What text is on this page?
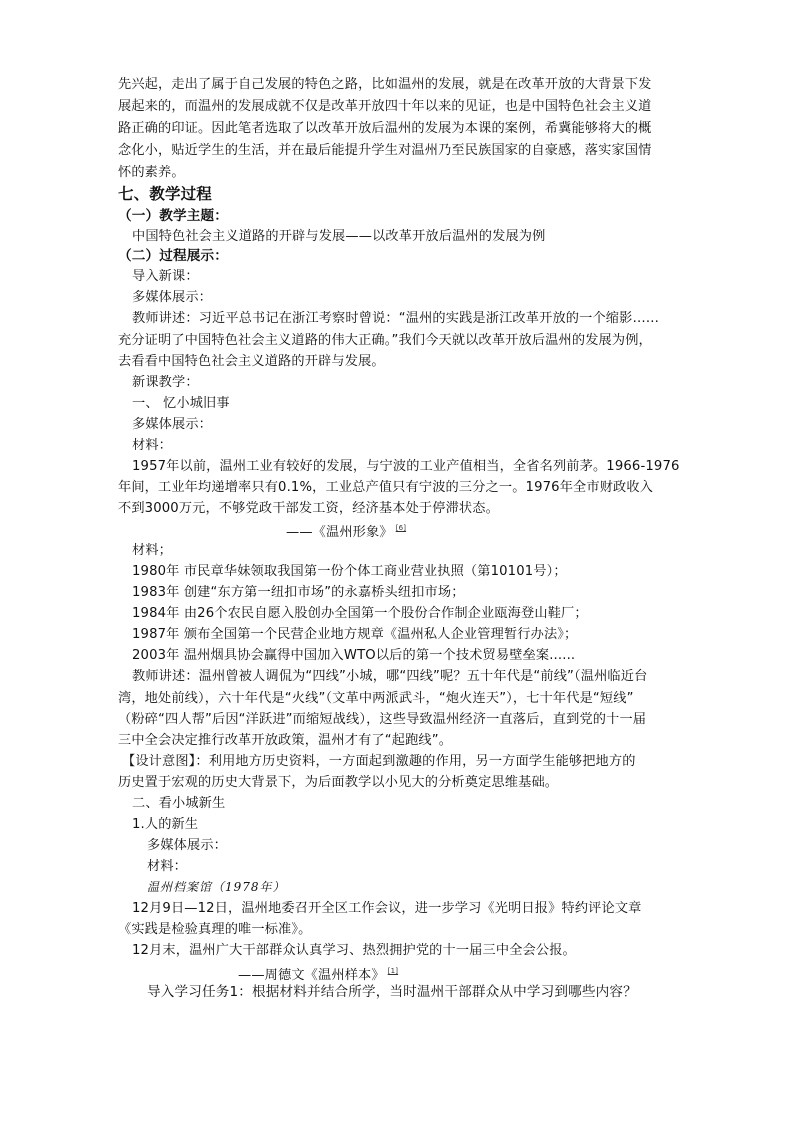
先兴起，走出了属于自己发展的特色之路，比如温州的发展，就是在改革开放的大背景下发
展起来的，而温州的发展成就不仅是改革开放四十年以来的见证，也是中国特色社会主义道
路正确的印证。因此笔者选取了以改革开放后温州的发展为本课的案例，希冀能够将大的概
念化小，贴近学生的生活，并在最后能提升学生对温州乃至民族国家的自豪感，落实家国情
怀的素养。
七、教学过程
（一）教学主题：
中国特色社会主义道路的开辟与发展——以改革开放后温州的发展为例
（二）过程展示：
导入新课：
多媒体展示：
教师讲述：习近平总书记在浙江考察时曾说：“温州的实践是浙江改革开放的一个缩影……
充分证明了中国特色社会主义道路的伟大正确。”我们今天就以改革开放后温州的发展为例，
去看看中国特色社会主义道路的开辟与发展。
新课教学：
一、 忆小城旧事
多媒体展示：
材料：
1957年以前，温州工业有较好的发展，与宁波的工业产值相当，全省名列前茅。1966-1976
年间，工业年均递增率只有0.1%，工业总产值只有宁波的三分之一。1976年全市财政收入
不到3000万元，不够党政干部发工资，经济基本处于停滞状态。
——《温州形象》 [6]
材料；
1980年 市民章华妹领取我国第一份个体工商业营业执照（第10101号）；
1983年 创建“东方第一纽扣市场”的永嘉桥头纽扣市场；
1984年 由26个农民自愿入股创办全国第一个股份合作制企业瓯海登山鞋厂；
1987年 颁布全国第一个民营企业地方规章《温州私人企业管理暂行办法》；
2003年 温州烟具协会赢得中国加入WTO以后的第一个技术贸易壁垒案......
教师讲述：温州曾被人调侃为“四线”小城，哪“四线”呢？五十年代是“前线”（温州临近台
湾，地处前线），六十年代是“火线”（文革中两派武斗，“炮火连天”），七十年代是“短线”
（粉碎“四人帮”后因“洋跃进”而缩短战线），这些导致温州经济一直落后，直到党的十一届
三中全会决定推行改革开放政策，温州才有了“起跑线”。
【设计意图】：利用地方历史资料，一方面起到激趣的作用，另一方面学生能够把地方的
历史置于宏观的历史大背景下，为后面教学以小见大的分析奠定思维基础。
二、看小城新生
1.人的新生
多媒体展示：
材料：
温州档案馆（1978年）
12月9日—12日，温州地委召开全区工作会议，进一步学习《光明日报》特约评论文章
《实践是检验真理的唯一标准》。
12月末，温州广大干部群众认真学习、热烈拥护党的十一届三中全会公报。
——周德文《温州样本》 [1]
导入学习任务1：根据材料并结合所学，当时温州干部群众从中学习到哪些内容？
